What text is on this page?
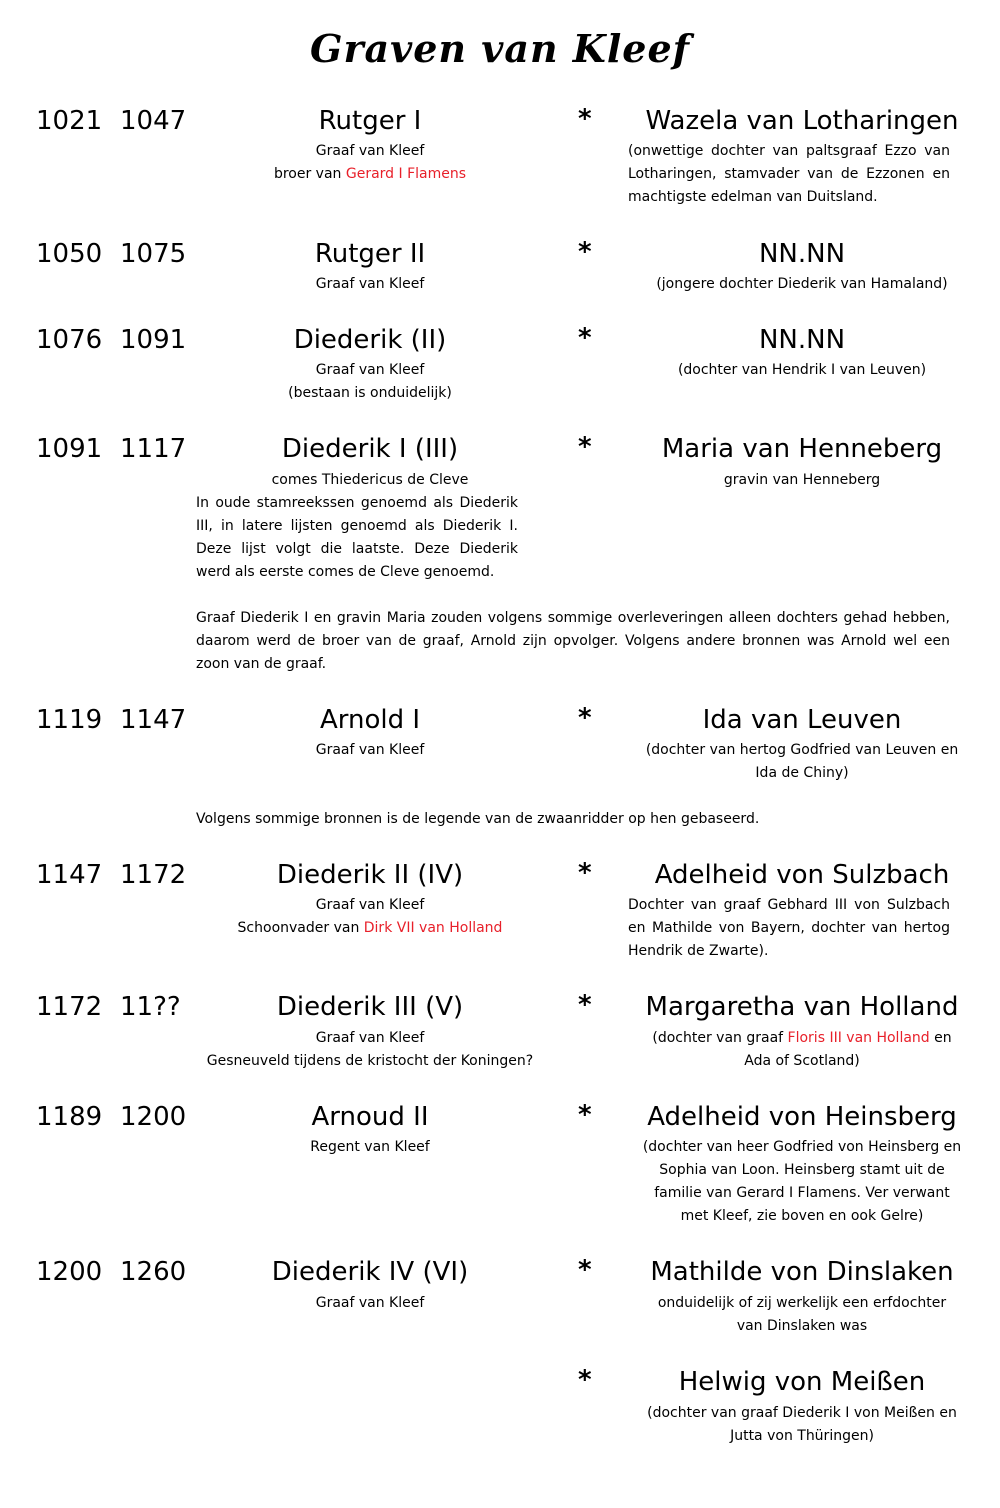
Graven van Kleef
1021 1047	Rutger I
Graaf van Kleef
broer van Gerard I Flamens
*	Wazela van Lotharingen
(onwettige dochter van paltsgraaf Ezzo van
Lotharingen, stamvader van de Ezzonen en
machtigste edelman van Duitsland.
1050 1075	Rutger II
Graaf van Kleef
*	NN.NN
(jongere dochter Diederik van Hamaland)
1076 1091	Diederik (II)
Graaf van Kleef
(bestaan is onduidelijk)
*	NN.NN
(dochter van Hendrik I van Leuven)
1091 1117	Diederik I (III)
comes Thiedericus de Cleve
In oude stamreekssen genoemd als Diederik
III, in latere lijsten genoemd als Diederik I.
Deze lijst volgt die laatste. Deze Diederik
werd als eerste comes de Cleve genoemd.
*	Maria van Henneberg
gravin van Henneberg
Graaf Diederik I en gravin Maria zouden volgens sommige overleveringen alleen dochters gehad hebben,
daarom werd de broer van de graaf, Arnold zijn opvolger. Volgens andere bronnen was Arnold wel een
zoon van de graaf.
1119 1147	Arnold I
Graaf van Kleef
*	Ida van Leuven
(dochter van hertog Godfried van Leuven en
Ida de Chiny)
Volgens sommige bronnen is de legende van de zwaanridder op hen gebaseerd.
1147 1172	Diederik II (IV)
Graaf van Kleef
Schoonvader van Dirk VII van Holland
*	Adelheid von Sulzbach
Dochter van graaf Gebhard III von Sulzbach
en Mathilde von Bayern, dochter van hertog
Hendrik de Zwarte).
1172 11??	Diederik III (V)
Graaf van Kleef
Gesneuveld tijdens de kristocht der Koningen?
*	Margaretha van Holland
(dochter van graaf Floris III van Holland en
Ada of Scotland)
1189 1200	Arnoud II
Regent van Kleef
*	Adelheid von Heinsberg
(dochter van heer Godfried von Heinsberg en
Sophia van Loon. Heinsberg stamt uit de
familie van Gerard I Flamens. Ver verwant
met Kleef, zie boven en ook Gelre)
1200 1260	Diederik IV (VI)
Graaf van Kleef
*	Mathilde von Dinslaken
onduidelijk of zij werkelijk een erfdochter
van Dinslaken was
*	Helwig von Meißen
(dochter van graaf Diederik I von Meißen en
Jutta von Thüringen)
